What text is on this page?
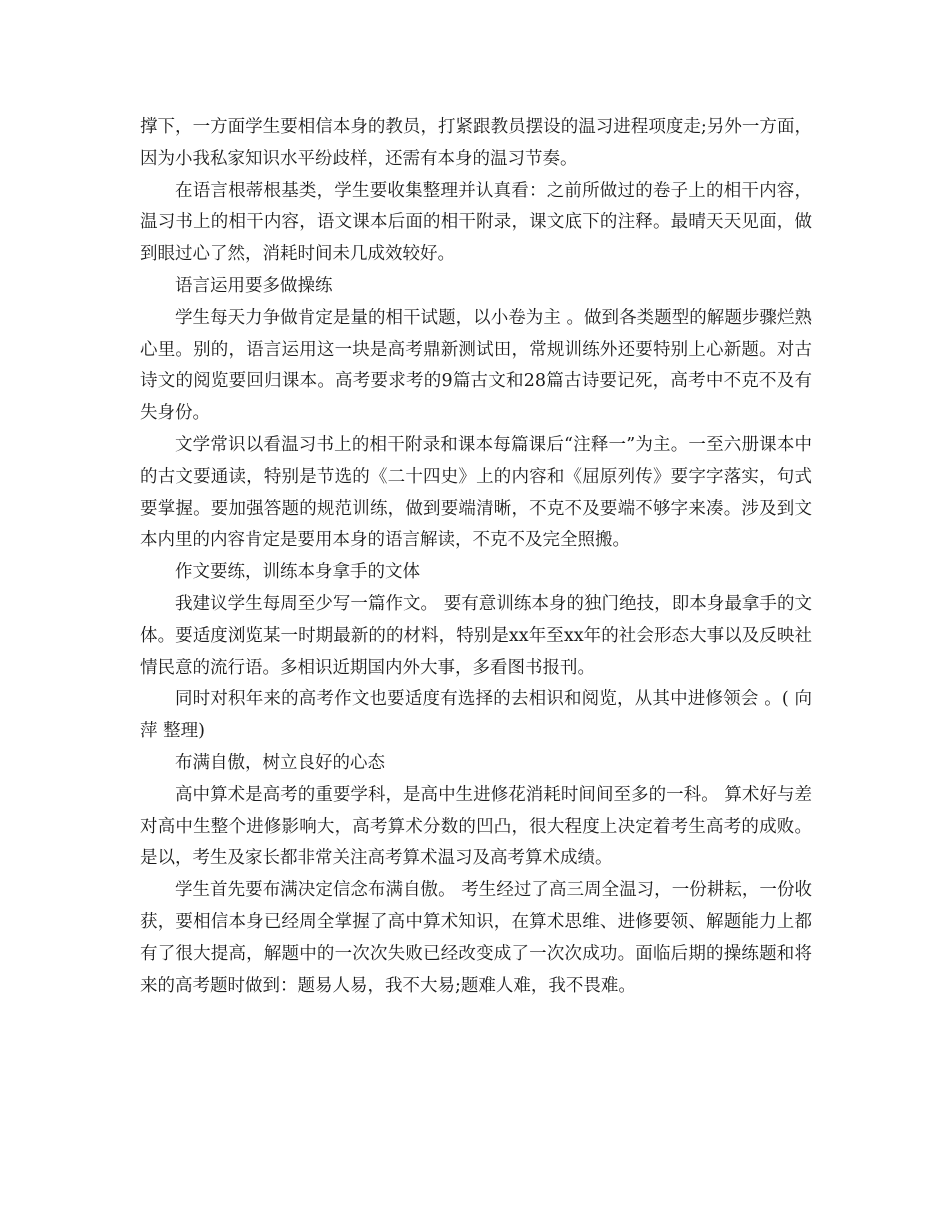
撑下，一方面学生要相信本身的教员，打紧跟教员摆设的温习进程项度走;另外一方面，因为小我私家知识水平纷歧样，还需有本身的温习节奏。

在语言根蒂根基类，学生要收集整理并认真看：之前所做过的卷子上的相干内容，温习书上的相干内容，语文课本后面的相干附录，课文底下的注释。最晴天天见面，做到眼过心了然，消耗时间未几成效较好。

语言运用要多做操练

学生每天力争做肯定是量的相干试题，以小卷为主 。做到各类题型的解题步骤烂熟心里。别的，语言运用这一块是高考鼎新测试田，常规训练外还要特别上心新题。对古诗文的阅览要回归课本。高考要求考的9篇古文和28篇古诗要记死，高考中不克不及有失身份。

文学常识以看温习书上的相干附录和课本每篇课后“注释一”为主。一至六册课本中的古文要通读，特别是节选的《二十四史》上的内容和《屈原列传》要字字落实，句式要掌握。要加强答题的规范训练，做到要端清晰，不克不及要端不够字来凑。涉及到文本内里的内容肯定是要用本身的语言解读，不克不及完全照搬。

作文要练，训练本身拿手的文体

我建议学生每周至少写一篇作文。 要有意训练本身的独门绝技，即本身最拿手的文体。要适度浏览某一时期最新的的材料，特别是xx年至xx年的社会形态大事以及反映社情民意的流行语。多相识近期国内外大事，多看图书报刊。

同时对积年来的高考作文也要适度有选择的去相识和阅览，从其中进修领会 。( 向 萍 整理)

布满自傲，树立良好的心态

高中算术是高考的重要学科，是高中生进修花消耗时间间至多的一科。 算术好与差对高中生整个进修影响大，高考算术分数的凹凸，很大程度上决定着考生高考的成败。是以，考生及家长都非常关注高考算术温习及高考算术成绩。

学生首先要布满决定信念布满自傲。 考生经过了高三周全温习，一份耕耘，一份收获，要相信本身已经周全掌握了高中算术知识，在算术思维、进修要领、解题能力上都有了很大提高，解题中的一次次失败已经改变成了一次次成功。面临后期的操练题和将来的高考题时做到：题易人易，我不大易;题难人难，我不畏难。
